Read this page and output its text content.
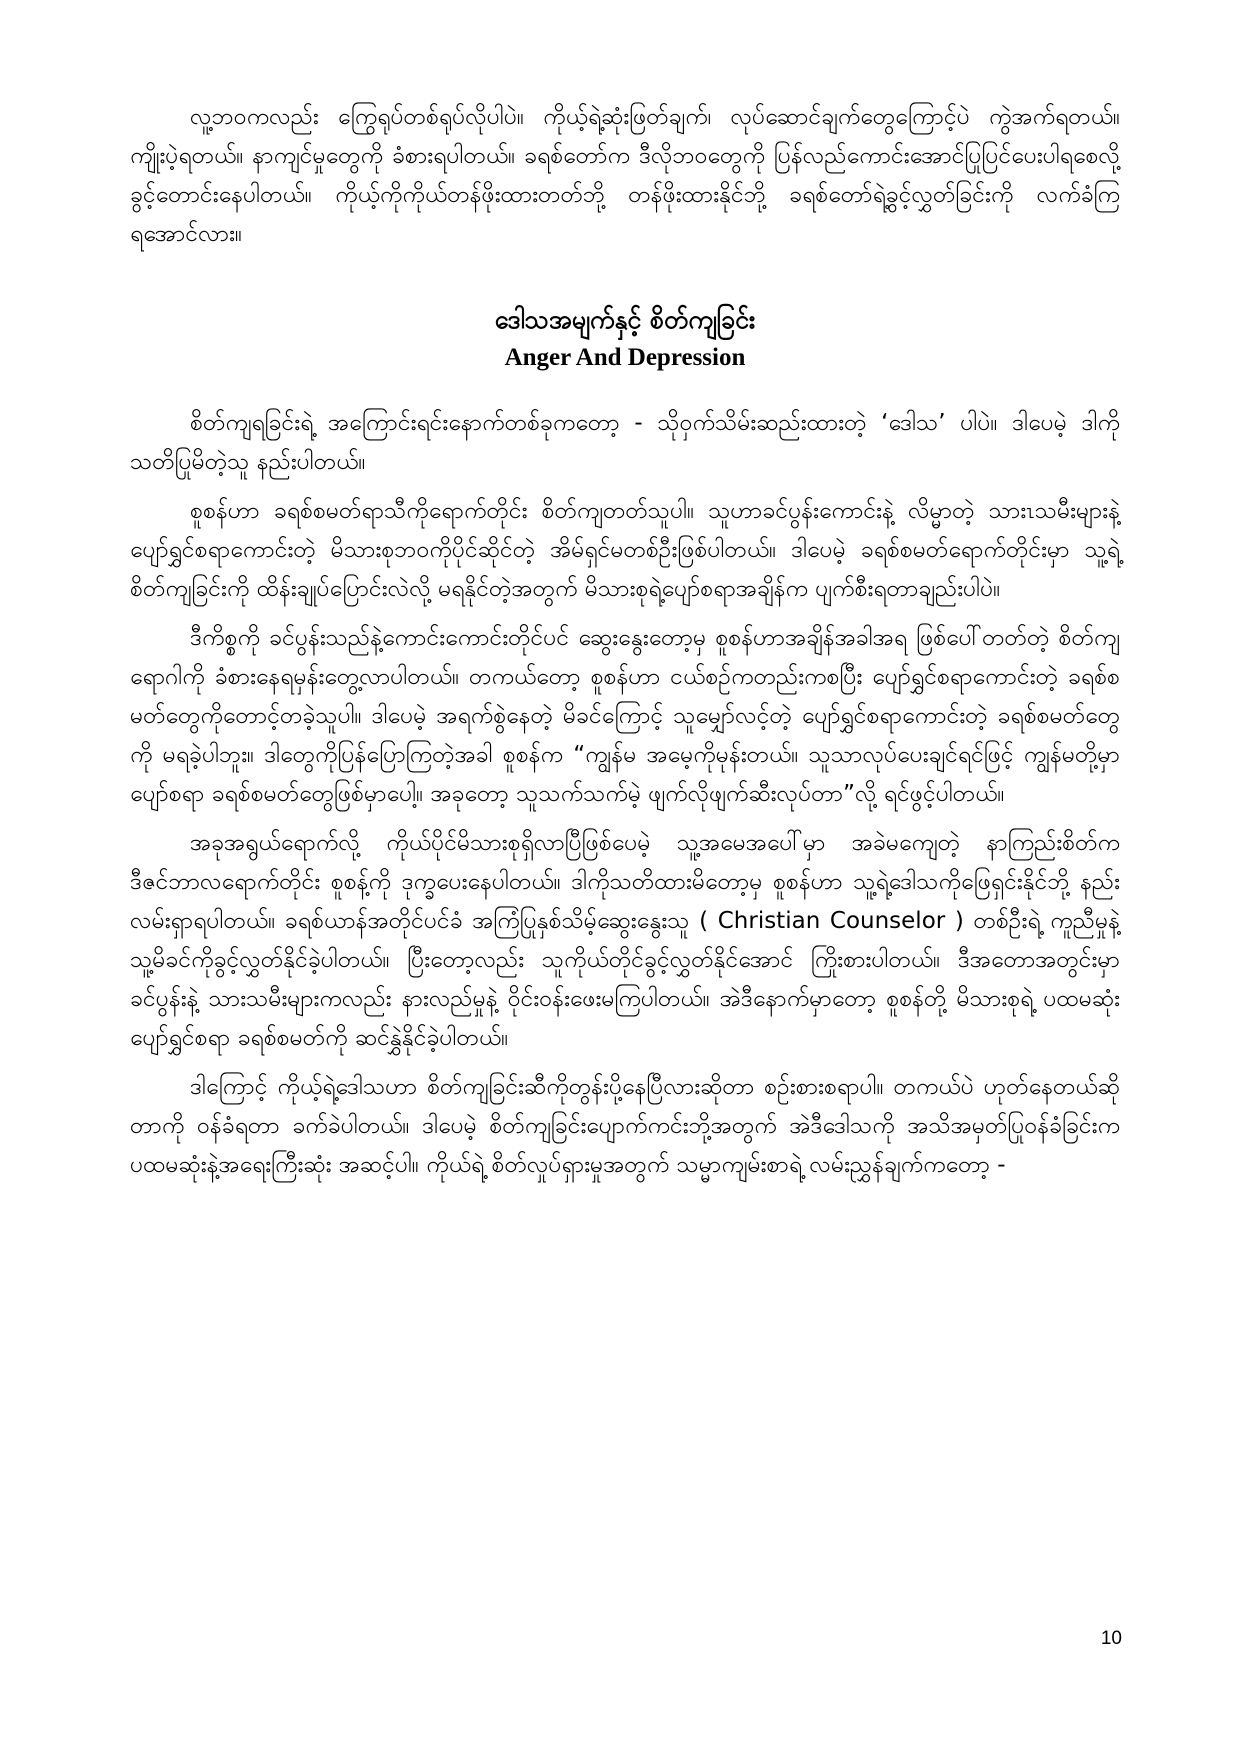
လူ့ဘဝကလည်း ကြွေရုပ်တစ်ရုပ်လိုပါပဲ။ ကိုယ့်ရဲ့ဆုံးဖြတ်ချက်၊ လုပ်ဆောင်ချက်တွေကြောင့်ပဲ ကွဲအက်ရတယ်။ ကျိုးပဲ့ရတယ်။ နာကျင်မှုတွေကို ခံစားရပါတယ်။ ခရစ်တော်က ဒီလိုဘဝတွေကို ပြန်လည်ကောင်းအောင်ပြုပြင်ပေးပါရစေလို့ ခွင့်တောင်းနေပါတယ်။ ကိုယ့်ကိုကိုယ်တန်ဖိုးထားတတ်ဘို့ တန်ဖိုးထားနိုင်ဘို့ ခရစ်တော်ရဲ့ခွင့်လွှတ်ခြင်းကို လက်ခံကြရအောင်လား။

ဒေါသအမျက်နှင့် စိတ်ကျခြင်း
Anger And Depression

စိတ်ကျရခြင်းရဲ့ အကြောင်းရင်းနောက်တစ်ခုကတော့ - သိုဝှက်သိမ်းဆည်းထားတဲ့ ‘ဒေါသ’ ပါပဲ။ ဒါပေမဲ့ ဒါကိုသတိပြုမိတဲ့သူ နည်းပါတယ်။

စူစန်ဟာ ခရစ်စမတ်ရာသီကိုရောက်တိုင်း စိတ်ကျတတ်သူပါ။ သူဟာခင်ပွန်းကောင်းနဲ့ လိမ္မာတဲ့ သားၤသမီးများနဲ့ ပျော်ရွှင်စရာကောင်းတဲ့ မိသားစုဘဝကိုပိုင်ဆိုင်တဲ့ အိမ်ရှင်မတစ်ဦးဖြစ်ပါတယ်။ ဒါပေမဲ့ ခရစ်စမတ်ရောက်တိုင်းမှာ သူ့ရဲ့စိတ်ကျခြင်းကို ထိန်းချုပ်ပြောင်းလဲလို့ မရနိုင်တဲ့အတွက် မိသားစုရဲ့ပျော်စရာအချိန်က ပျက်စီးရတာချည်းပါပဲ။

ဒီကိစ္စကို ခင်ပွန်းသည်နဲ့ကောင်းကောင်းတိုင်ပင် ဆွေးနွေးတော့မှ စူစန်ဟာအချိန်အခါအရ ဖြစ်ပေါ်တတ်တဲ့ စိတ်ကျရောဂါကို ခံစားနေရမှန်းတွေ့လာပါတယ်။ တကယ်တော့ စူစန်ဟာ ငယ်စဉ်ကတည်းကစပြီး ပျော်ရွှင်စရာကောင်းတဲ့ ခရစ်စမတ်တွေကိုတောင့်တခဲ့သူပါ။ ဒါပေမဲ့ အရက်စွဲနေတဲ့ မိခင်ကြောင့် သူမျှော်လင့်တဲ့ ပျော်ရွှင်စရာကောင်းတဲ့ ခရစ်စမတ်တွေကို မရခဲ့ပါဘူး။ ဒါတွေကိုပြန်ပြောကြတဲ့အခါ စူစန်က “ကျွန်မ အမေ့ကိုမုန်းတယ်။ သူသာလုပ်ပေးချင်ရင်ဖြင့် ကျွန်မတို့မှာ ပျော်စရာ ခရစ်စမတ်တွေဖြစ်မှာပေါ့။ အခုတော့ သူသက်သက်မဲ့ ဖျက်လိုဖျက်ဆီးလုပ်တာ”လို့ ရင်ဖွင့်ပါတယ်။

အခုအရွယ်ရောက်လို့ ကိုယ်ပိုင်မိသားစုရှိလာပြီဖြစ်ပေမဲ့ သူ့အမေအပေါ်မှာ အခဲမကျေတဲ့ နာကြည်းစိတ်က ဒီဇင်ဘာလရောက်တိုင်း စူစန့်ကို ဒုက္ခပေးနေပါတယ်။ ဒါကိုသတိထားမိတော့မှ စူစန်ဟာ သူ့ရဲ့ဒေါသကိုဖြေရှင်းနိုင်ဘို့ နည်းလမ်းရှာရပါတယ်။ ခရစ်ယာန်အတိုင်ပင်ခံ အကြံပြုနှစ်သိမ့်ဆွေးနွေးသူ ( Christian Counselor ) တစ်ဦးရဲ့ ကူညီမှုနဲ့သူ့မိခင်ကိုခွင့်လွှတ်နိုင်ခဲ့ပါတယ်။ ပြီးတော့လည်း သူကိုယ်တိုင်ခွင့်လွှတ်နိုင်အောင် ကြိုးစားပါတယ်။ ဒီအတောအတွင်းမှာ ခင်ပွန်းနဲ့ သားသမီးများကလည်း နားလည်မှုနဲ့ ဝိုင်းဝန်းဖေးမကြပါတယ်။ အဲဒီနောက်မှာတော့ စူစန်တို့ မိသားစုရဲ့ ပထမဆုံးပျော်ရွှင်စရာ ခရစ်စမတ်ကို ဆင်နွှဲနိုင်ခဲ့ပါတယ်။

ဒါကြောင့် ကိုယ့်ရဲ့ဒေါသဟာ စိတ်ကျခြင်းဆီကိုတွန်းပို့နေပြီလားဆိုတာ စဉ်းစားစရာပါ။ တကယ်ပဲ ဟုတ်နေတယ်ဆိုတာကို ဝန်ခံရတာ ခက်ခဲပါတယ်။ ဒါပေမဲ့ စိတ်ကျခြင်းပျောက်ကင်းဘို့အတွက် အဲဒီဒေါသကို အသိအမှတ်ပြုဝန်ခံခြင်းက ပထမဆုံးနဲ့အရေးကြီးဆုံး အဆင့်ပါ။ ကိုယ်ရဲ့ စိတ်လှုပ်ရှားမှုအတွက် သမ္မာကျမ်းစာရဲ့ လမ်းညွှန်ချက်ကတော့ -

10
